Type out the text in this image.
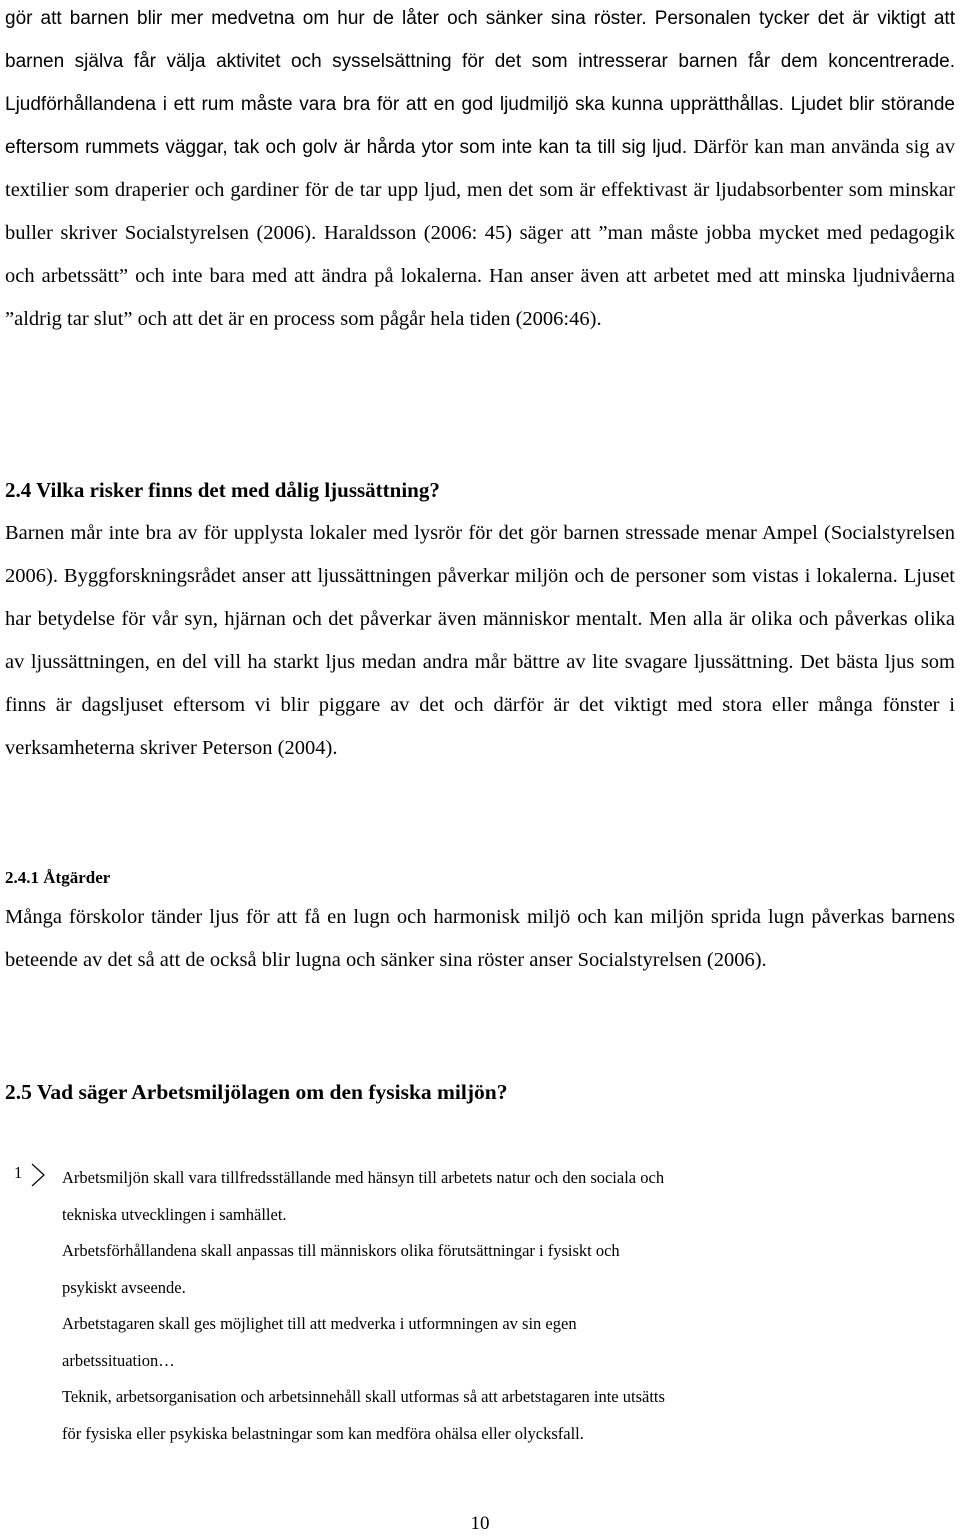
gör att barnen blir mer medvetna om hur de låter och sänker sina röster. Personalen tycker det är viktigt att barnen själva får välja aktivitet och sysselsättning för det som intresserar barnen får dem koncentrerade. Ljudförhållandena i ett rum måste vara bra för att en god ljudmiljö ska kunna upprätthållas. Ljudet blir störande eftersom rummets väggar, tak och golv är hårda ytor som inte kan ta till sig ljud. Därför kan man använda sig av textilier som draperier och gardiner för de tar upp ljud, men det som är effektivast är ljudabsorbenter som minskar buller skriver Socialstyrelsen (2006). Haraldsson (2006: 45) säger att ”man måste jobba mycket med pedagogik och arbetssätt” och inte bara med att ändra på lokalerna. Han anser även att arbetet med att minska ljudnivåerna ”aldrig tar slut” och att det är en process som pågår hela tiden (2006:46).

2.4 Vilka risker finns det med dålig ljussättning?

Barnen mår inte bra av för upplysta lokaler med lysrör för det gör barnen stressade menar Ampel (Socialstyrelsen 2006). Byggforskningsrådet anser att ljussättningen påverkar miljön och de personer som vistas i lokalerna. Ljuset har betydelse för vår syn, hjärnan och det påverkar även människor mentalt. Men alla är olika och påverkas olika av ljussättningen, en del vill ha starkt ljus medan andra mår bättre av lite svagare ljussättning. Det bästa ljus som finns är dagsljuset eftersom vi blir piggare av det och därför är det viktigt med stora eller många fönster i verksamheterna skriver Peterson (2004).

2.4.1 Åtgärder

Många förskolor tänder ljus för att få en lugn och harmonisk miljö och kan miljön sprida lugn påverkas barnens beteende av det så att de också blir lugna och sänker sina röster anser Socialstyrelsen (2006).

2.5 Vad säger Arbetsmiljölagen om den fysiska miljön?
1 Arbetsmiljön skall vara tillfredsställande med hänsyn till arbetets natur och den sociala och
tekniska utvecklingen i samhället.
Arbetsförhållandena skall anpassas till människors olika förutsättningar i fysiskt och
psykiskt avseende.
Arbetstagaren skall ges möjlighet till att medverka i utformningen av sin egen
arbetssituation…
Teknik, arbetsorganisation och arbetsinnehåll skall utformas så att arbetstagaren inte utsätts
för fysiska eller psykiska belastningar som kan medföra ohälsa eller olycksfall.
10
